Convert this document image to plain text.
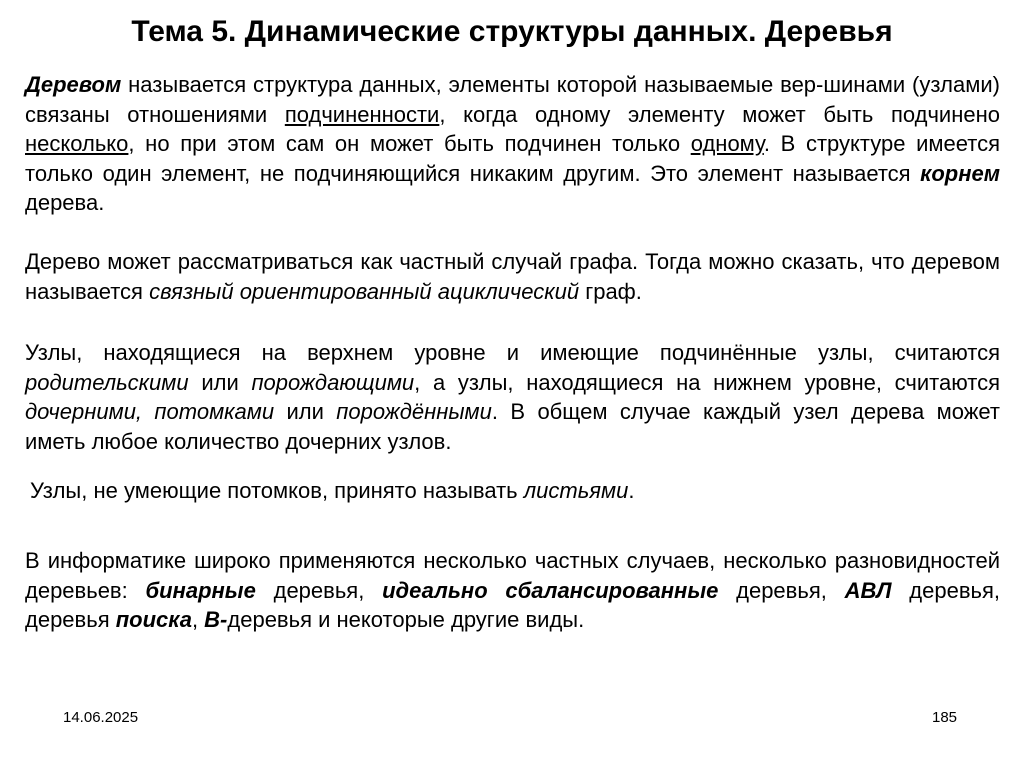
Тема 5. Динамические структуры данных. Деревья

Деревом называется структура данных, элементы которой называемые вер-шинами (узлами) связаны отношениями подчиненности, когда одному элементу может быть подчинено несколько, но при этом сам он может быть подчинен только одному. В структуре имеется только один элемент, не подчиняющийся никаким другим. Это элемент называется корнем дерева.

Дерево может рассматриваться как частный случай графа. Тогда можно сказать, что деревом называется связный ориентированный ациклический граф.

Узлы, находящиеся на верхнем уровне и имеющие подчинённые узлы, считаются родительскими или порождающими, а узлы, находящиеся на нижнем уровне, считаются дочерними, потомками или порождёнными. В общем случае каждый узел дерева может иметь любое количество дочерних узлов.

Узлы, не умеющие потомков, принято называть листьями.

В информатике широко применяются несколько частных случаев, несколько разновидностей деревьев: бинарные деревья, идеально сбалансированные деревья, АВЛ деревья, деревья поиска, B-деревья и некоторые другие виды.

14.06.2025	185
